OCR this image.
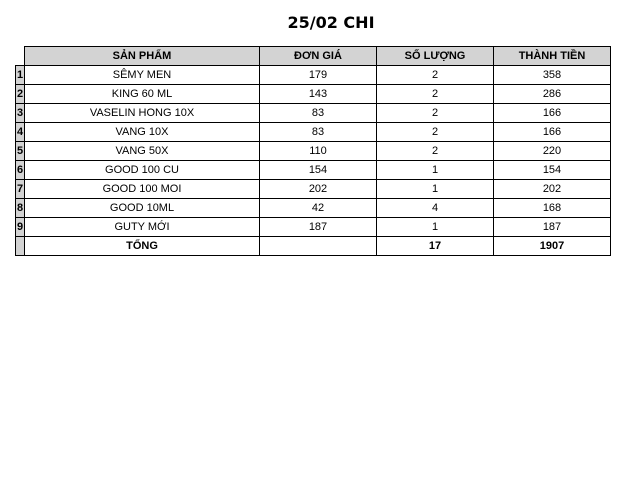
25/02 CHI
	SẢN PHẨM	ĐƠN GIÁ	SỐ LƯỢNG	THÀNH TIỀN
1	SÊMY MEN	179	2	358
2	KING 60 ML	143	2	286
3	VASELIN HONG 10X	83	2	166
4	VANG 10X	83	2	166
5	VANG 50X	110	2	220
6	GOOD 100 CU	154	1	154
7	GOOD 100 MOI	202	1	202
8	GOOD 10ML	42	4	168
9	GUTY MỚI	187	1	187
	TỔNG		17	1907
